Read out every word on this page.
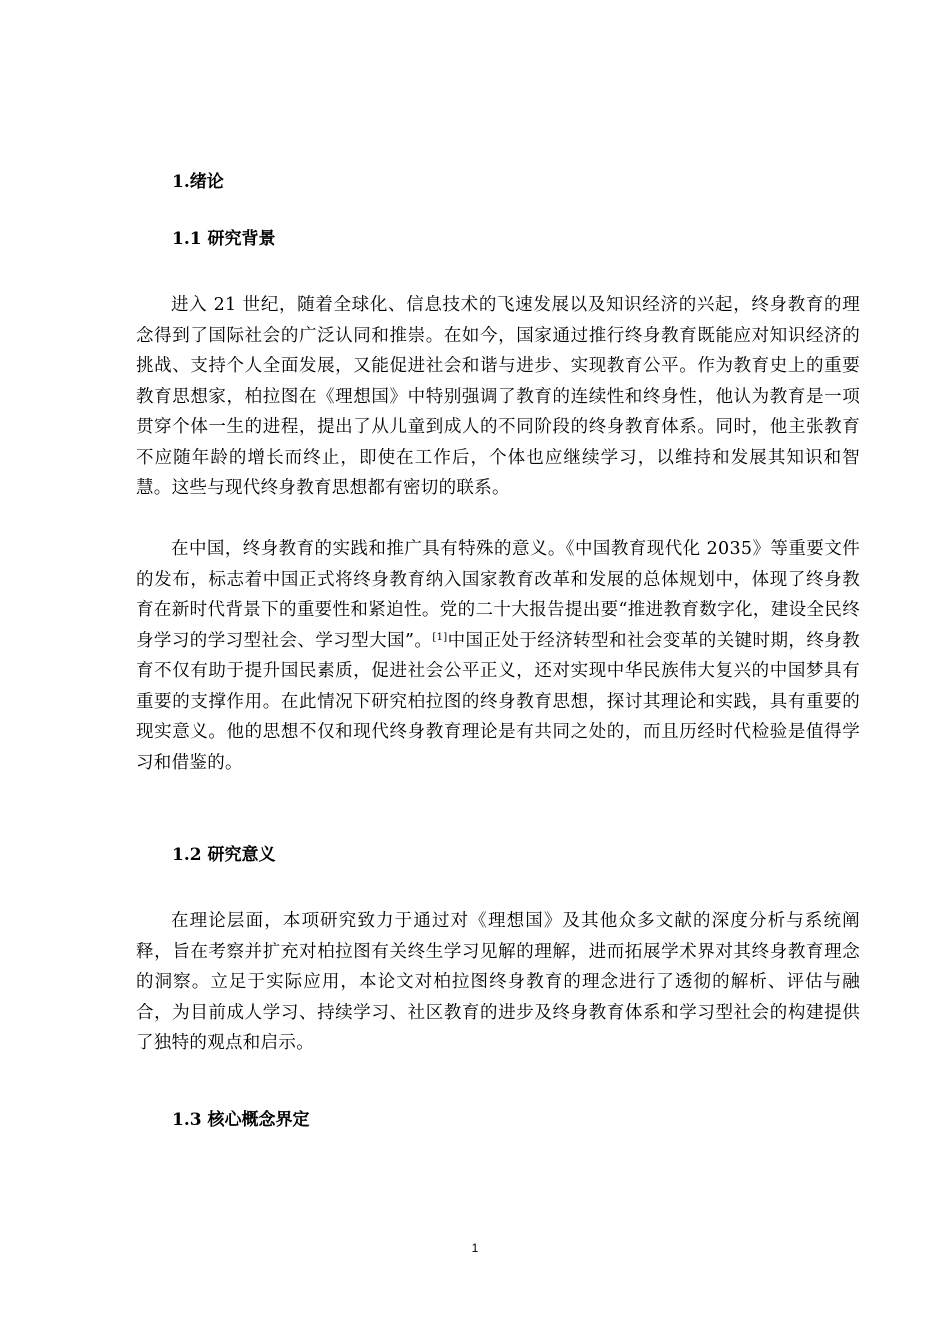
1.绪论
1.1 研究背景
进入 21 世纪，随着全球化、信息技术的飞速发展以及知识经济的兴起，终身教育的理念得到了国际社会的广泛认同和推崇。在如今，国家通过推行终身教育既能应对知识经济的挑战、支持个人全面发展，又能促进社会和谐与进步、实现教育公平。作为教育史上的重要教育思想家，柏拉图在《理想国》中特别强调了教育的连续性和终身性，他认为教育是一项贯穿个体一生的进程，提出了从儿童到成人的不同阶段的终身教育体系。同时，他主张教育不应随年龄的增长而终止，即使在工作后，个体也应继续学习，以维持和发展其知识和智慧。这些与现代终身教育思想都有密切的联系。
在中国，终身教育的实践和推广具有特殊的意义。《中国教育现代化 2035》等重要文件的发布，标志着中国正式将终身教育纳入国家教育改革和发展的总体规划中，体现了终身教育在新时代背景下的重要性和紧迫性。党的二十大报告提出要“推进教育数字化，建设全民终身学习的学习型社会、学习型大国”。[1]中国正处于经济转型和社会变革的关键时期，终身教育不仅有助于提升国民素质，促进社会公平正义，还对实现中华民族伟大复兴的中国梦具有重要的支撑作用。在此情况下研究柏拉图的终身教育思想，探讨其理论和实践，具有重要的现实意义。他的思想不仅和现代终身教育理论是有共同之处的，而且历经时代检验是值得学习和借鉴的。
1.2 研究意义
在理论层面，本项研究致力于通过对《理想国》及其他众多文献的深度分析与系统阐释，旨在考察并扩充对柏拉图有关终生学习见解的理解，进而拓展学术界对其终身教育理念的洞察。立足于实际应用，本论文对柏拉图终身教育的理念进行了透彻的解析、评估与融合，为目前成人学习、持续学习、社区教育的进步及终身教育体系和学习型社会的构建提供了独特的观点和启示。
1.3 核心概念界定
1
